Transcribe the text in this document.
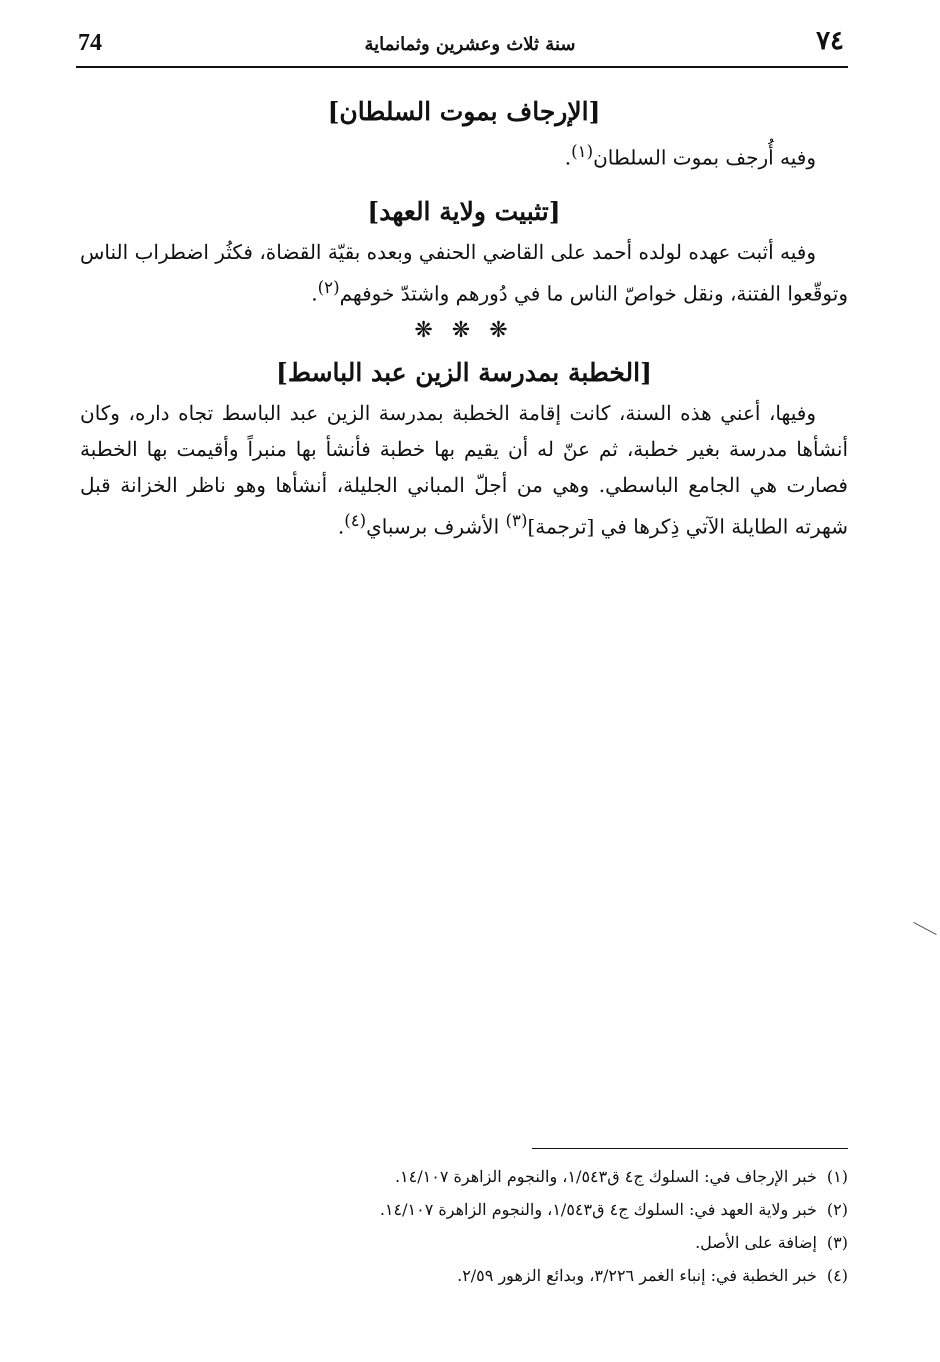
74	سنة ثلاث وعشرين وثمانماية	٧٤
[الإرجاف بموت السلطان]

وفيه أُرجف بموت السلطان$^{(١)}$.

[تثبيت ولاية العهد]

وفيه أثبت عهده لولده أحمد على القاضي الحنفي وبعده بقيّة القضاة، فكثُر اضطراب الناس وتوقّعوا الفتنة، ونقل خواصّ الناس ما في دُورهم واشتدّ خوفهم$^{(٢)}$.

❋ ❋ ❋
[الخطبة بمدرسة الزين عبد الباسط]

وفيها، أعني هذه السنة، كانت إقامة الخطبة بمدرسة الزين عبد الباسط تجاه داره، وكان أنشأها مدرسة بغير خطبة، ثم عنّ له أن يقيم بها خطبة فأنشأ بها منبراً وأقيمت بها الخطبة فصارت هي الجامع الباسطي. وهي من أجلّ المباني الجليلة، أنشأها وهو ناظر الخزانة قبل شهرته الطايلة الآتي ذِكرها في [ترجمة]$^{(٣)}$ الأشرف برسباي$^{(٤)}$.

(١)خبر الإرجاف في: السلوك ج٤ ق١/٥٤٣، والنجوم الزاهرة ١٤/١٠٧.
(٢)خبر ولاية العهد في: السلوك ج٤ ق١/٥٤٣، والنجوم الزاهرة ١٤/١٠٧.
(٣)إضافة على الأصل.
(٤)خبر الخطبة في: إنباء الغمر ٣/٢٢٦، وبدائع الزهور ٢/٥٩.
